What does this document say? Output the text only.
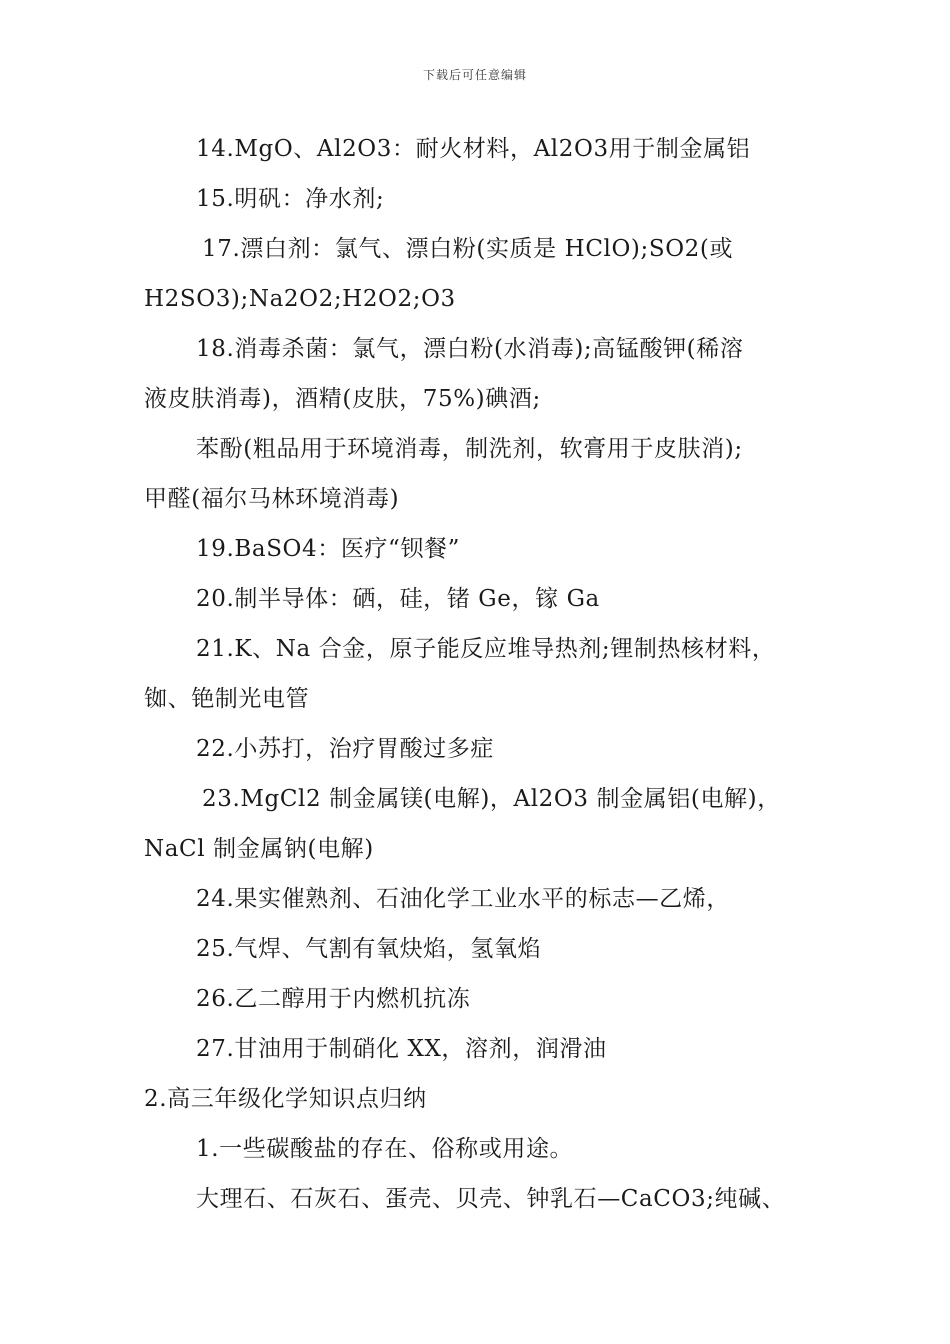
下载后可任意编辑
14.MgO、Al2O3：耐火材料，Al2O3用于制金属铝
15.明矾：净水剂;
17.漂白剂：氯气、漂白粉(实质是 HClO);SO2(或
H2SO3);Na2O2;H2O2;O3
18.消毒杀菌：氯气，漂白粉(水消毒);高锰酸钾(稀溶
液皮肤消毒)，酒精(皮肤，75%)碘酒;
苯酚(粗品用于环境消毒，制洗剂，软膏用于皮肤消);
甲醛(福尔马林环境消毒)
19.BaSO4：医疗“钡餐”
20.制半导体：硒，硅，锗 Ge，镓 Ga
21.K、Na 合金，原子能反应堆导热剂;锂制热核材料，
铷、铯制光电管
22.小苏打，治疗胃酸过多症
23.MgCl2 制金属镁(电解)，Al2O3 制金属铝(电解)，
NaCl 制金属钠(电解)
24.果实催熟剂、石油化学工业水平的标志—乙烯，
25.气焊、气割有氧炔焰，氢氧焰
26.乙二醇用于内燃机抗冻
27.甘油用于制硝化 XX，溶剂，润滑油
2.高三年级化学知识点归纳
1.一些碳酸盐的存在、俗称或用途。
大理石、石灰石、蛋壳、贝壳、钟乳石—CaCO3;纯碱、
